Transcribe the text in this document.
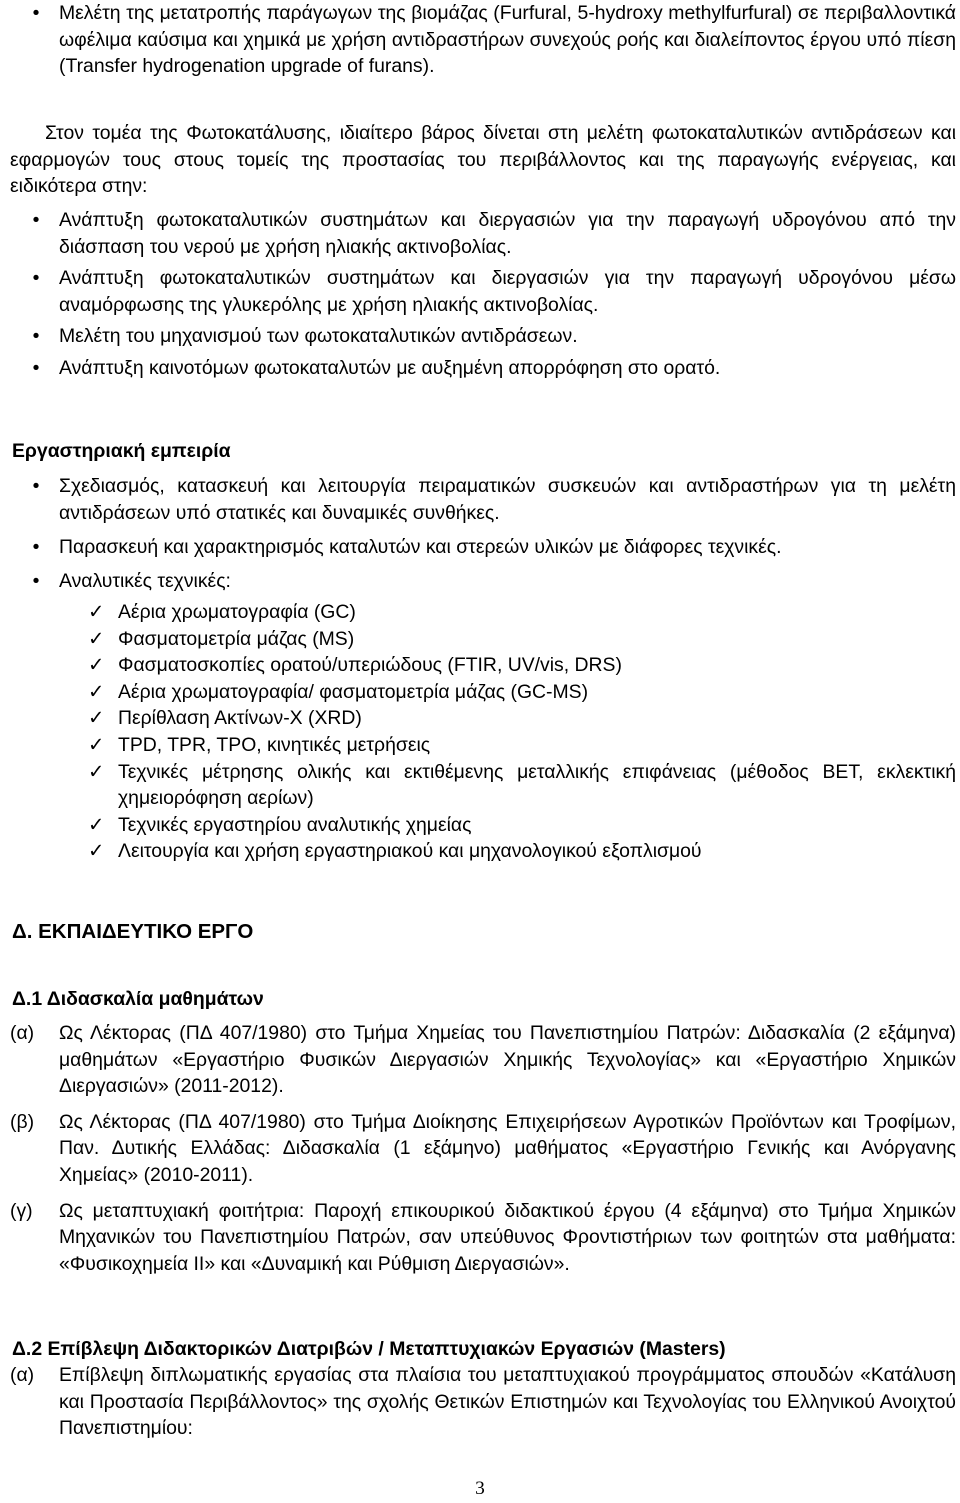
•	Μελέτη της μετατροπής παράγωγων της βιομάζας (Furfural, 5-hydroxy methylfurfural) σε περιβαλλοντικά ωφέλιμα καύσιμα και χημικά με χρήση αντιδραστήρων συνεχούς ροής και διαλείποντος έργου υπό πίεση (Transfer hydrogenation upgrade of furans).
Στον τομέα της Φωτοκατάλυσης, ιδιαίτερο βάρος δίνεται στη μελέτη φωτοκαταλυτικών αντιδράσεων και εφαρμογών τους στους τομείς της προστασίας του περιβάλλοντος και της παραγωγής ενέργειας, και ειδικότερα στην:
•	Ανάπτυξη φωτοκαταλυτικών συστημάτων και διεργασιών για την παραγωγή υδρογόνου από την διάσπαση του νερού με χρήση ηλιακής ακτινοβολίας.
•	Ανάπτυξη φωτοκαταλυτικών συστημάτων και διεργασιών για την παραγωγή υδρογόνου μέσω αναμόρφωσης της γλυκερόλης με χρήση ηλιακής ακτινοβολίας.
•	Μελέτη του μηχανισμού των φωτοκαταλυτικών αντιδράσεων.
•	Ανάπτυξη καινοτόμων φωτοκαταλυτών με αυξημένη απορρόφηση στο ορατό.
Εργαστηριακή εμπειρία
•	Σχεδιασμός, κατασκευή και λειτουργία πειραματικών συσκευών και αντιδραστήρων για τη μελέτη αντιδράσεων υπό στατικές και δυναμικές συνθήκες.
•	Παρασκευή και χαρακτηρισμός καταλυτών και στερεών υλικών με διάφορες τεχνικές.
•	Αναλυτικές τεχνικές:
✓ Αέρια χρωματογραφία (GC)
✓ Φασματομετρία μάζας (MS)
✓ Φασματοσκοπίες ορατού/υπεριώδους (FTIR, UV/vis, DRS)
✓ Αέρια χρωματογραφία/ φασματομετρία μάζας (GC-MS)
✓ Περίθλαση Ακτίνων-Χ (XRD)
✓ TPD, TPR, TPO, κινητικές μετρήσεις
✓ Τεχνικές μέτρησης ολικής και εκτιθέμενης μεταλλικής επιφάνειας (μέθοδος BET, εκλεκτική χημειορόφηση αερίων)
✓ Τεχνικές εργαστηρίου αναλυτικής χημείας
✓ Λειτουργία και χρήση εργαστηριακού και μηχανολογικού εξοπλισμού
Δ. ΕΚΠΑΙΔΕΥΤΙΚΟ ΕΡΓΟ
Δ.1 Διδασκαλία μαθημάτων
(α) Ως Λέκτορας (ΠΔ 407/1980) στο Τμήμα Χημείας του Πανεπιστημίου Πατρών: Διδασκαλία (2 εξάμηνα) μαθημάτων «Εργαστήριο Φυσικών Διεργασιών Χημικής Τεχνολογίας» και «Εργαστήριο Χημικών Διεργασιών» (2011-2012).
(β) Ως Λέκτορας (ΠΔ 407/1980) στο Τμήμα Διοίκησης Επιχειρήσεων Αγροτικών Προϊόντων και Τροφίμων, Παν. Δυτικής Ελλάδας: Διδασκαλία (1 εξάμηνο) μαθήματος «Εργαστήριο Γενικής και Ανόργανης Χημείας» (2010-2011).
(γ) Ως μεταπτυχιακή φοιτήτρια: Παροχή επικουρικού διδακτικού έργου (4 εξάμηνα) στο Τμήμα Χημικών Μηχανικών του Πανεπιστημίου Πατρών, σαν υπεύθυνος Φροντιστήριων των φοιτητών στα μαθήματα: «Φυσικοχημεία ΙΙ» και «Δυναμική και Ρύθμιση Διεργασιών».
Δ.2 Επίβλεψη Διδακτορικών Διατριβών / Μεταπτυχιακών Εργασιών (Masters)
(α) Επίβλεψη διπλωματικής εργασίας στα πλαίσια του μεταπτυχιακού προγράμματος σπουδών «Κατάλυση και Προστασία Περιβάλλοντος» της σχολής Θετικών Επιστημών και Τεχνολογίας του Ελληνικού Ανοιχτού Πανεπιστημίου:
3
